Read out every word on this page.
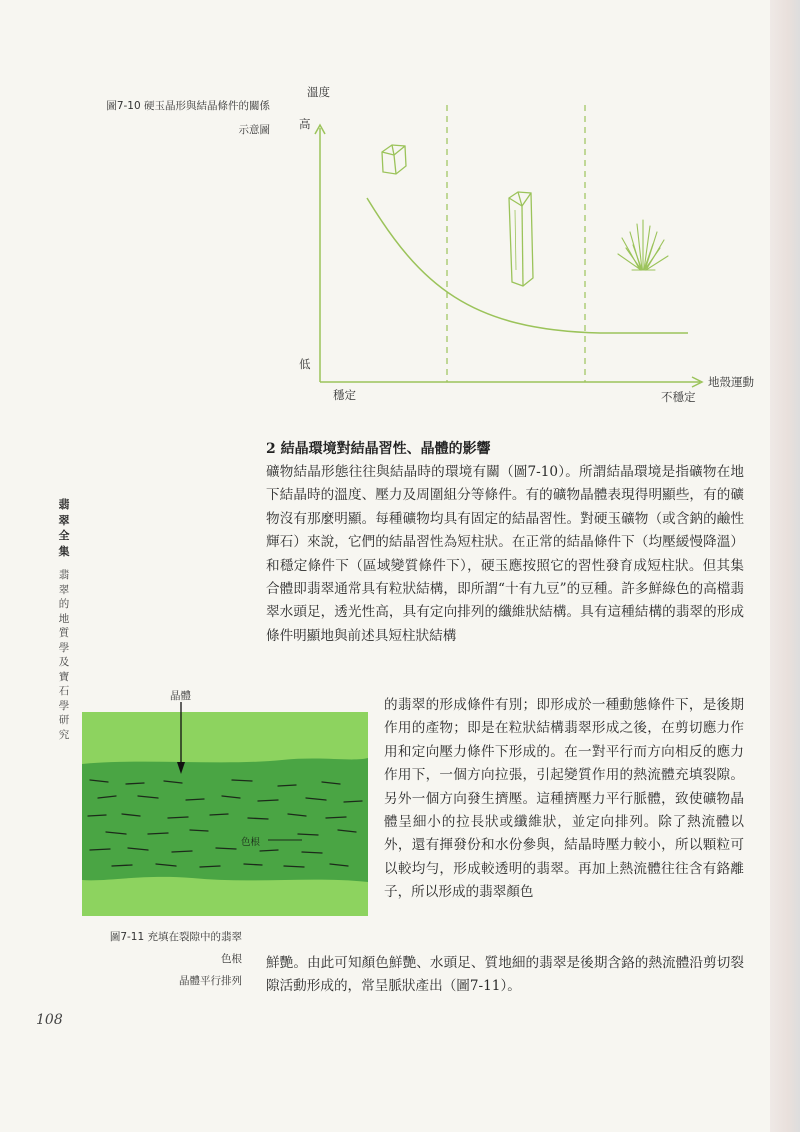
圖7-10 硬玉晶形與結晶條件的關係
示意圖
溫度
高
低
穩定	不穩定
地殼運動
翡翠全集
翡翠的地質學及寶石學研究
2 結晶環境對結晶習性、晶體的影響
礦物結晶形態往往與結晶時的環境有關（圖7-10）。所謂結晶環境是指礦物在地下結晶時的溫度、壓力及周圍組分等條件。有的礦物晶體表現得明顯些，有的礦物沒有那麼明顯。每種礦物均具有固定的結晶習性。對硬玉礦物（或含鈉的鹼性輝石）來說，它們的結晶習性為短柱狀。在正常的結晶條件下（均壓緩慢降溫）和穩定條件下（區域變質條件下），硬玉應按照它的習性發育成短柱狀。但其集合體即翡翠通常具有粒狀結構，即所謂“十有九豆”的豆種。許多鮮綠色的高檔翡翠水頭足，透光性高，具有定向排列的纖維狀結構。具有這種結構的翡翠的形成條件明顯地與前述具短柱狀結構
的翡翠的形成條件有別；即形成於一種動態條件下，是後期作用的產物；即是在粒狀結構翡翠形成之後，在剪切應力作用和定向壓力條件下形成的。在一對平行而方向相反的應力作用下，一個方向拉張，引起變質作用的熱流體充填裂隙。另外一個方向發生擠壓。這種擠壓力平行脈體，致使礦物晶體呈細小的拉長狀或纖維狀，並定向排列。除了熱流體以外，還有揮發份和水份參與，結晶時壓力較小，所以顆粒可以較均勻，形成較透明的翡翠。再加上熱流體往往含有鉻離子，所以形成的翡翠顏色
鮮艷。由此可知顏色鮮艷、水頭足、質地細的翡翠是後期含鉻的熱流體沿剪切裂隙活動形成的，常呈脈狀產出（圖7-11）。
晶體
色根
圖7-11 充填在裂隙中的翡翠
色根
晶體平行排列
108
